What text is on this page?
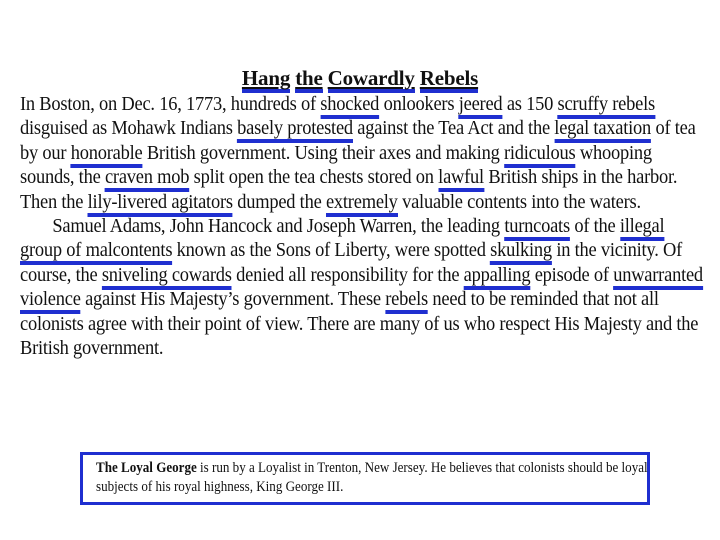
Hang the Cowardly Rebels

In Boston, on Dec. 16, 1773, hundreds of shocked onlookers jeered as 150 scruffy rebels disguised as Mohawk Indians basely protested against the Tea Act and the legal taxation of tea by our honorable British government. Using their axes and making ridiculous whooping sounds, the craven mob split open the tea chests stored on lawful British ships in the harbor. Then the lily-livered agitators dumped the extremely valuable contents into the waters.

Samuel Adams, John Hancock and Joseph Warren, the leading turncoats of the illegal group of malcontents known as the Sons of Liberty, were spotted skulking in the vicinity. Of course, the sniveling cowards denied all responsibility for the appalling episode of unwarranted violence against His Majesty’s government. These rebels need to be reminded that not all colonists agree with their point of view. There are many of us who respect His Majesty and the British government.

The Loyal George is run by a Loyalist in Trenton, New Jersey. He believes that colonists should be loyal subjects of his royal highness, King George III.
